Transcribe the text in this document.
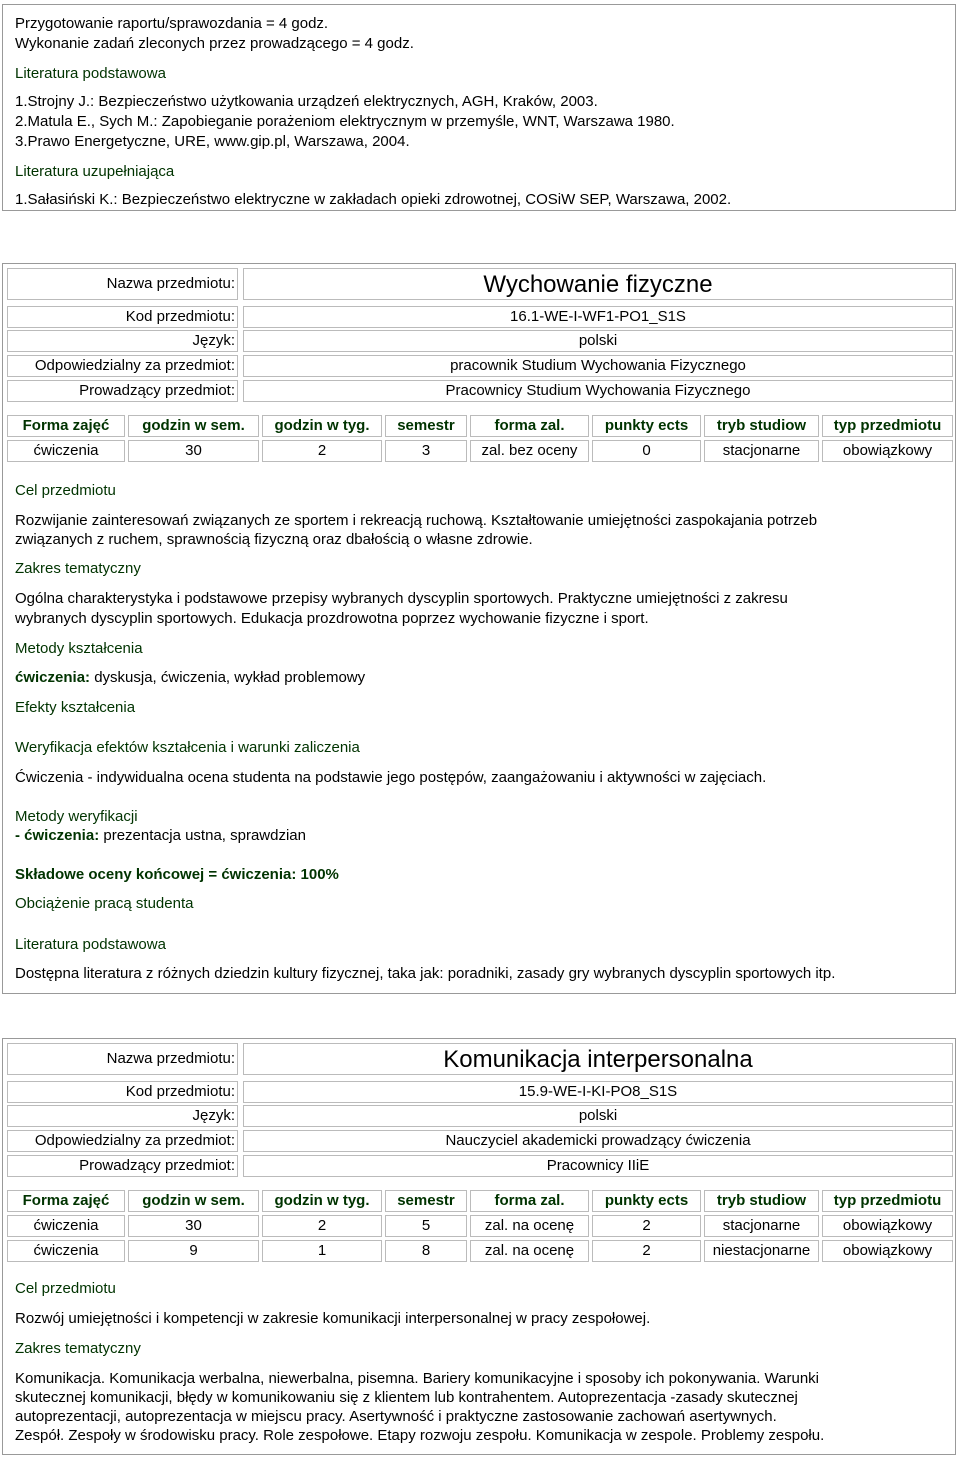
Przygotowanie raportu/sprawozdania = 4 godz.
Wykonanie zadań zleconych przez prowadzącego = 4 godz.
Literatura podstawowa
1.Strojny J.: Bezpieczeństwo użytkowania urządzeń elektrycznych, AGH, Kraków, 2003.
2.Matula E., Sych M.: Zapobieganie porażeniom elektrycznym w przemyśle, WNT, Warszawa 1980.
3.Prawo Energetyczne, URE, www.gip.pl, Warszawa, 2004.
Literatura uzupełniająca
1.Sałasiński K.: Bezpieczeństwo elektryczne w zakładach opieki zdrowotnej, COSiW SEP, Warszawa, 2002.
Nazwa przedmiotu:	Wychowanie fizyczne
Kod przedmiotu:	16.1-WE-I-WF1-PO1_S1S
Język:	polski
Odpowiedzialny za przedmiot:	pracownik Studium Wychowania Fizycznego
Prowadzący przedmiot:	Pracownicy Studium Wychowania Fizycznego
Forma zajęć	godzin w sem.	godzin w tyg.	semestr	forma zal.	punkty ects	tryb studiow	typ przedmiotu
ćwiczenia	30	2	3	zal. bez oceny	0	stacjonarne	obowiązkowy
Cel przedmiotu
Rozwijanie zainteresowań związanych ze sportem i rekreacją ruchową. Kształtowanie umiejętności zaspokajania potrzeb
związanych z ruchem, sprawnością fizyczną oraz dbałością o własne zdrowie.
Zakres tematyczny
Ogólna charakterystyka i podstawowe przepisy wybranych dyscyplin sportowych. Praktyczne umiejętności z zakresu
wybranych dyscyplin sportowych. Edukacja prozdrowotna poprzez wychowanie fizyczne i sport.
Metody kształcenia
ćwiczenia: dyskusja, ćwiczenia, wykład problemowy
Efekty kształcenia
Weryfikacja efektów kształcenia i warunki zaliczenia
Ćwiczenia - indywidualna ocena studenta na podstawie jego postępów, zaangażowaniu i aktywności w zajęciach.
Metody weryfikacji
- ćwiczenia: prezentacja ustna, sprawdzian
Składowe oceny końcowej = ćwiczenia: 100%
Obciążenie pracą studenta
Literatura podstawowa
Dostępna literatura z różnych dziedzin kultury fizycznej, taka jak: poradniki, zasady gry wybranych dyscyplin sportowych itp.
Nazwa przedmiotu:	Komunikacja interpersonalna
Kod przedmiotu:	15.9-WE-I-KI-PO8_S1S
Język:	polski
Odpowiedzialny za przedmiot:	Nauczyciel akademicki prowadzący ćwiczenia
Prowadzący przedmiot:	Pracownicy IIiE
Forma zajęć	godzin w sem.	godzin w tyg.	semestr	forma zal.	punkty ects	tryb studiow	typ przedmiotu
ćwiczenia	30	2	5	zal. na ocenę	2	stacjonarne	obowiązkowy
ćwiczenia	9	1	8	zal. na ocenę	2	niestacjonarne	obowiązkowy
Cel przedmiotu
Rozwój umiejętności i kompetencji w zakresie komunikacji interpersonalnej w pracy zespołowej.
Zakres tematyczny
Komunikacja. Komunikacja werbalna, niewerbalna, pisemna. Bariery komunikacyjne i sposoby ich pokonywania. Warunki
skutecznej komunikacji, błędy w komunikowaniu się z klientem lub kontrahentem. Autoprezentacja -zasady skutecznej
autoprezentacji, autoprezentacja w miejscu pracy. Asertywność i praktyczne zastosowanie zachowań asertywnych.
Zespół. Zespoły w środowisku pracy. Role zespołowe. Etapy rozwoju zespołu. Komunikacja w zespole. Problemy zespołu.
